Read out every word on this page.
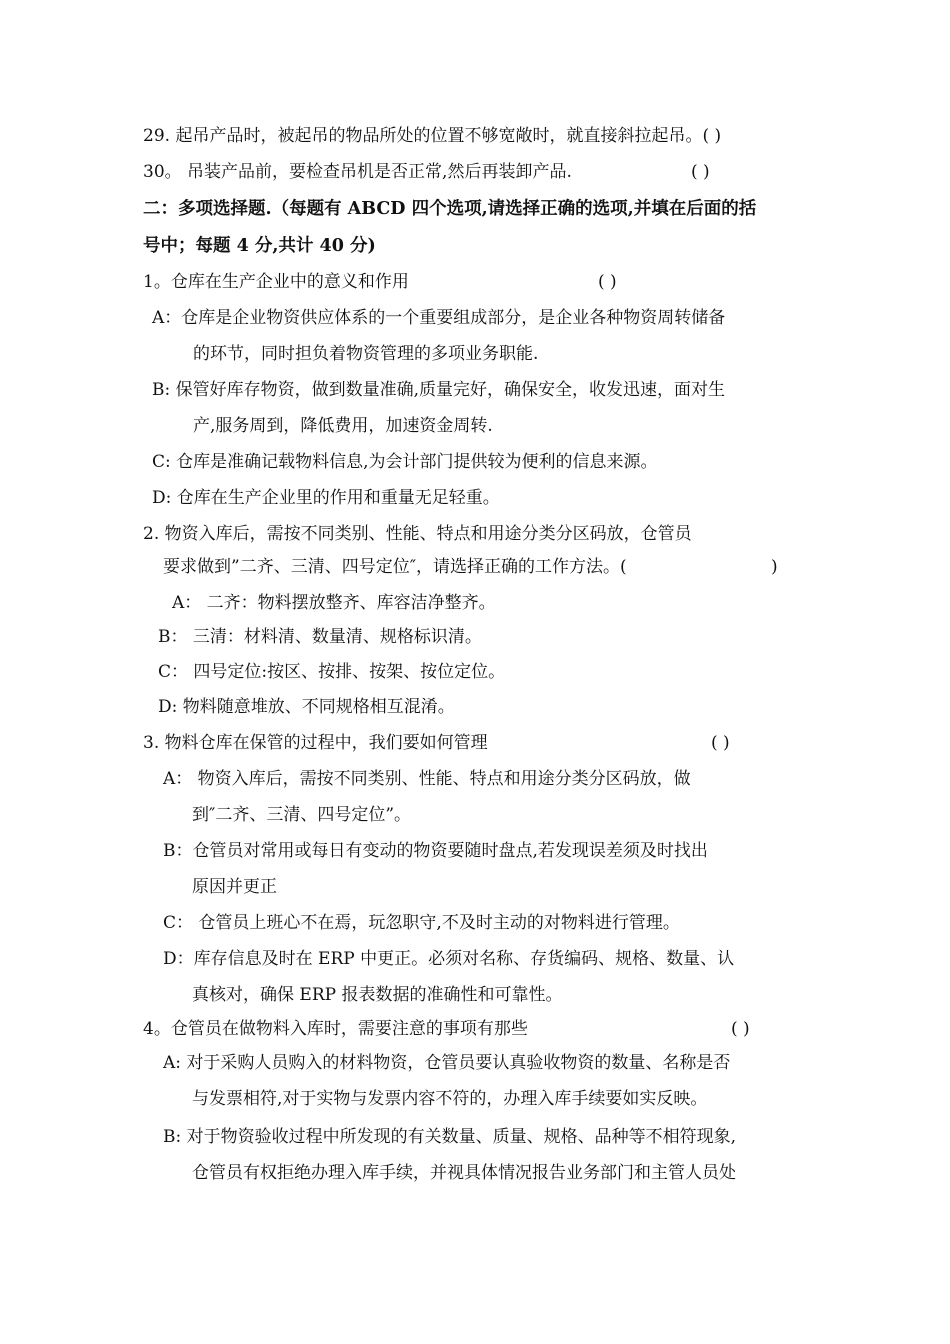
29. 起吊产品时，被起吊的物品所处的位置不够宽敞时，就直接斜拉起吊。( )
30。 吊装产品前，要检查吊机是否正常,然后再装卸产品.	( )
二：多项选择题.（每题有 ABCD 四个选项,请选择正确的选项,并填在后面的括
号中；每题 4 分,共计 40 分)
1。仓库在生产企业中的意义和作用	( )
A：仓库是企业物资供应体系的一个重要组成部分，是企业各种物资周转储备
的环节，同时担负着物资管理的多项业务职能.
B: 保管好库存物资，做到数量准确,质量完好，确保安全，收发迅速，面对生
产,服务周到，降低费用，加速资金周转.
C: 仓库是准确记载物料信息,为会计部门提供较为便利的信息来源。
D: 仓库在生产企业里的作用和重量无足轻重。
2. 物资入库后，需按不同类别、性能、特点和用途分类分区码放，仓管员
要求做到”二齐、三清、四号定位″，请选择正确的工作方法。(	)
A： 二齐：物料摆放整齐、库容洁净整齐。
B： 三清：材料清、数量清、规格标识清。
C： 四号定位:按区、按排、按架、按位定位。
D: 物料随意堆放、不同规格相互混淆。
3. 物料仓库在保管的过程中，我们要如何管理	( )
A： 物资入库后，需按不同类别、性能、特点和用途分类分区码放，做
到″二齐、三清、四号定位”。
B：仓管员对常用或每日有变动的物资要随时盘点,若发现误差须及时找出
原因并更正
C： 仓管员上班心不在焉，玩忽职守,不及时主动的对物料进行管理。
D：库存信息及时在 ERP 中更正。必须对名称、存货编码、规格、数量、认
真核对，确保 ERP 报表数据的准确性和可靠性。
4。仓管员在做物料入库时，需要注意的事项有那些	( )
A: 对于采购人员购入的材料物资，仓管员要认真验收物资的数量、名称是否
与发票相符,对于实物与发票内容不符的，办理入库手续要如实反映。
B: 对于物资验收过程中所发现的有关数量、质量、规格、品种等不相符现象,
仓管员有权拒绝办理入库手续，并视具体情况报告业务部门和主管人员处
